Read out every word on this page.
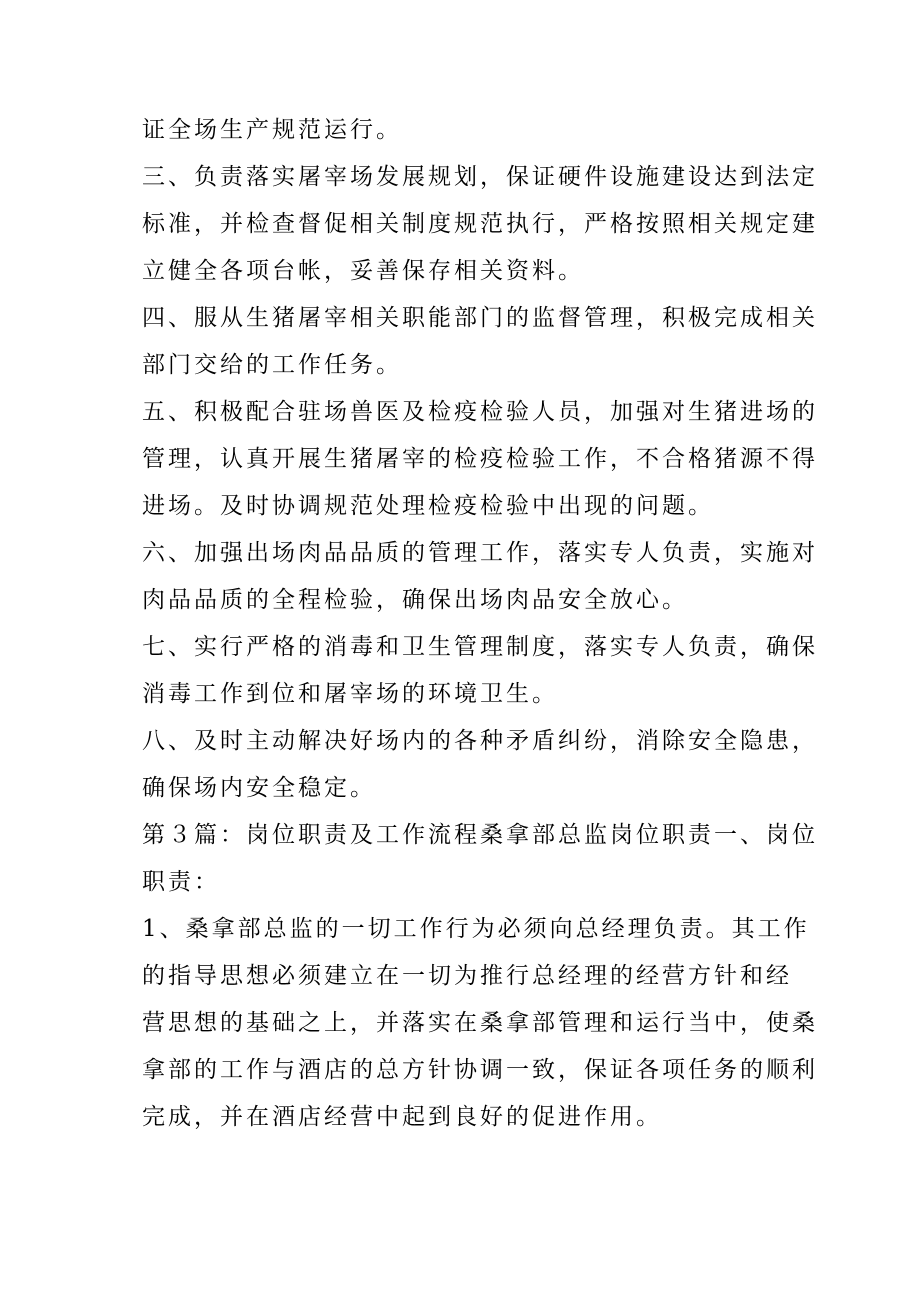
证全场生产规范运行。
三、负责落实屠宰场发展规划，保证硬件设施建设达到法定
标准，并检查督促相关制度规范执行，严格按照相关规定建
立健全各项台帐，妥善保存相关资料。
四、服从生猪屠宰相关职能部门的监督管理，积极完成相关
部门交给的工作任务。
五、积极配合驻场兽医及检疫检验人员，加强对生猪进场的
管理，认真开展生猪屠宰的检疫检验工作，不合格猪源不得
进场。及时协调规范处理检疫检验中出现的问题。
六、加强出场肉品品质的管理工作，落实专人负责，实施对
肉品品质的全程检验，确保出场肉品安全放心。
七、实行严格的消毒和卫生管理制度，落实专人负责，确保
消毒工作到位和屠宰场的环境卫生。
八、及时主动解决好场内的各种矛盾纠纷，消除安全隐患，
确保场内安全稳定。
第３篇：岗位职责及工作流程桑拿部总监岗位职责一、岗位
职责：
1、桑拿部总监的一切工作行为必须向总经理负责。其工作
的指导思想必须建立在一切为推行总经理的经营方针和经
营思想的基础之上，并落实在桑拿部管理和运行当中，使桑
拿部的工作与酒店的总方针协调一致，保证各项任务的顺利
完成，并在酒店经营中起到良好的促进作用。
